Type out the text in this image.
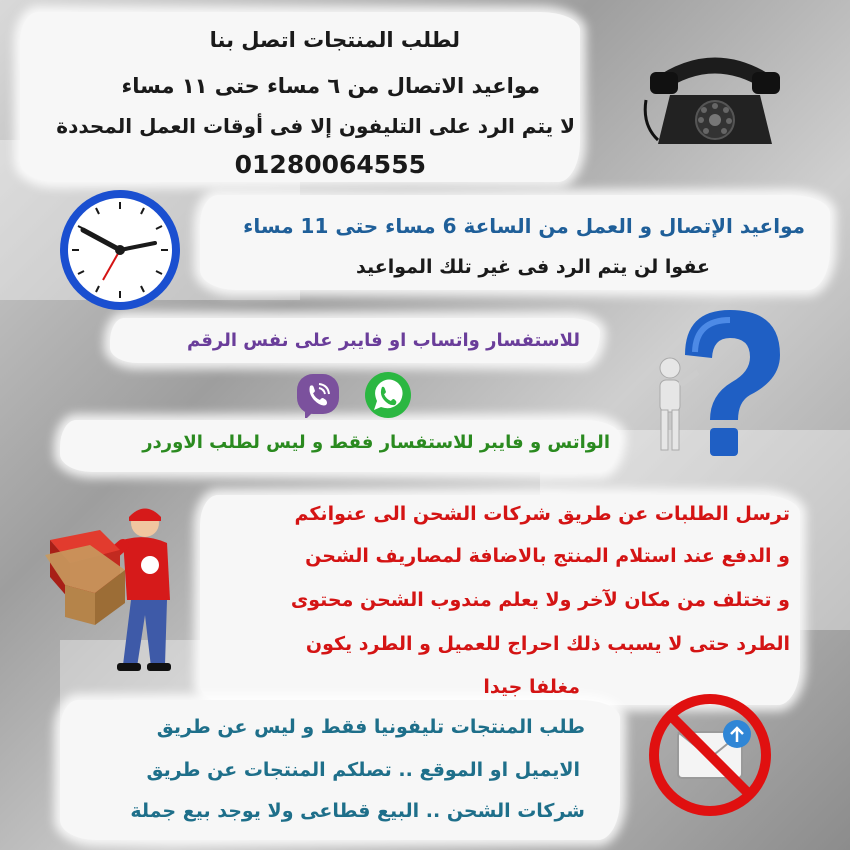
لطلب المنتجات اتصل بنا
مواعيد الاتصال من ٦ مساء حتى ١١ مساء
لا يتم الرد على التليفون إلا فى أوقات العمل المحددة
01280064555
مواعيد الإتصال و العمل من الساعة 6 مساء حتى 11 مساء
عفوا لن يتم الرد فى غير تلك المواعيد
للاستفسار واتساب او فايبر على نفس الرقم
الواتس و فايبر للاستفسار فقط و ليس لطلب الاوردر
ترسل الطلبات عن طريق شركات الشحن الى عنوانكم
و الدفع عند استلام المنتج بالاضافة لمصاريف الشحن
و تختلف من مكان لآخر ولا يعلم مندوب الشحن محتوى
الطرد حتى لا يسبب ذلك احراج للعميل و الطرد يكون
مغلفا جيدا
طلب المنتجات تليفونيا فقط و ليس عن طريق
الايميل او الموقع .. تصلكم المنتجات عن طريق
شركات الشحن .. البيع قطاعى ولا يوجد بيع جملة
